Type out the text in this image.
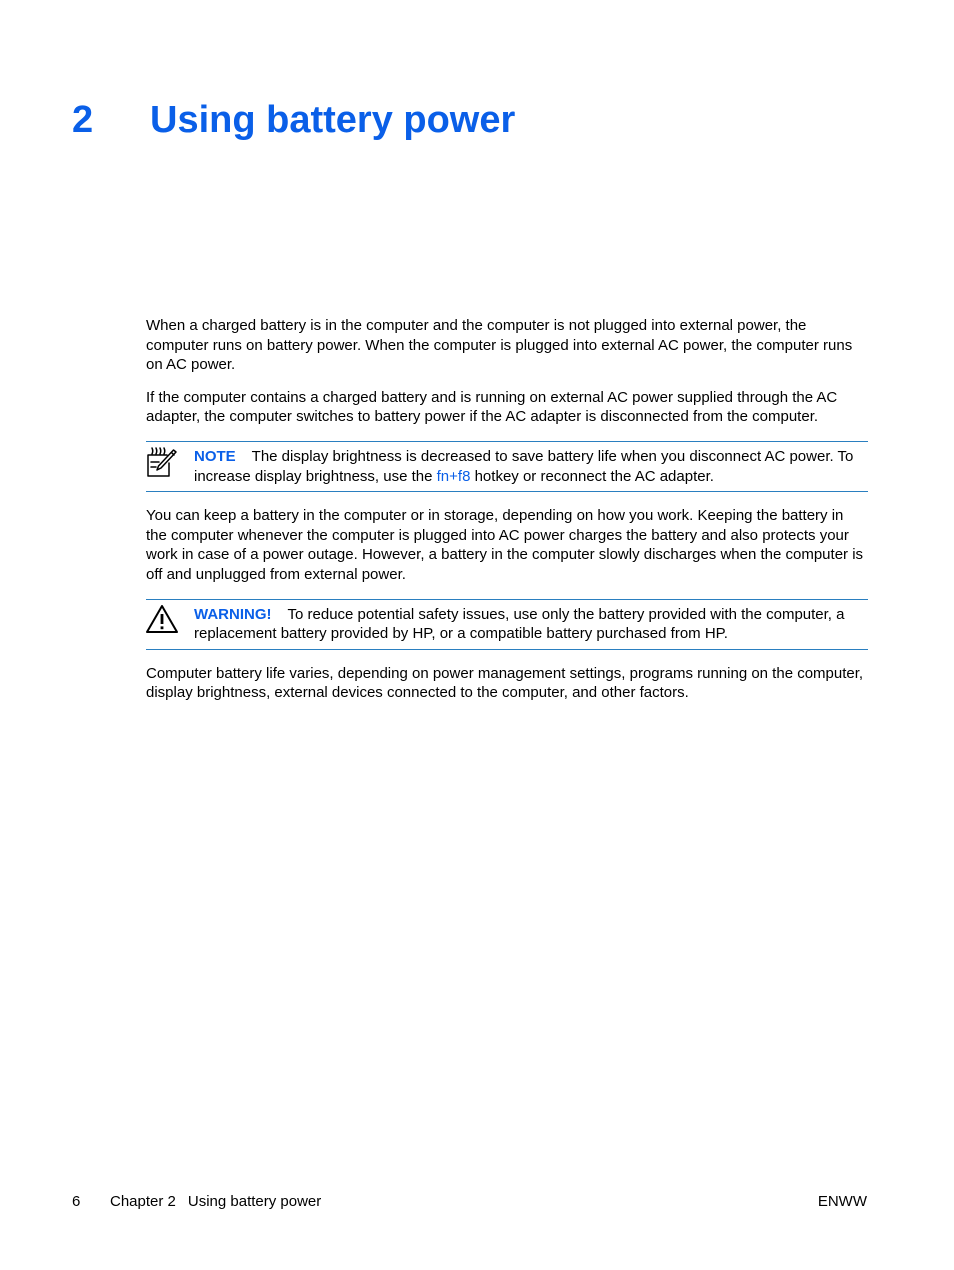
2 Using battery power

When a charged battery is in the computer and the computer is not plugged into external power, the computer runs on battery power. When the computer is plugged into external AC power, the computer runs on AC power.

If the computer contains a charged battery and is running on external AC power supplied through the AC adapter, the computer switches to battery power if the AC adapter is disconnected from the computer.

NOTE The display brightness is decreased to save battery life when you disconnect AC power. To increase display brightness, use the fn+f8 hotkey or reconnect the AC adapter.

You can keep a battery in the computer or in storage, depending on how you work. Keeping the battery in the computer whenever the computer is plugged into AC power charges the battery and also protects your work in case of a power outage. However, a battery in the computer slowly discharges when the computer is off and unplugged from external power.

WARNING! To reduce potential safety issues, use only the battery provided with the computer, a replacement battery provided by HP, or a compatible battery purchased from HP.

Computer battery life varies, depending on power management settings, programs running on the computer, display brightness, external devices connected to the computer, and other factors.

6 Chapter 2 Using battery power	ENWW
